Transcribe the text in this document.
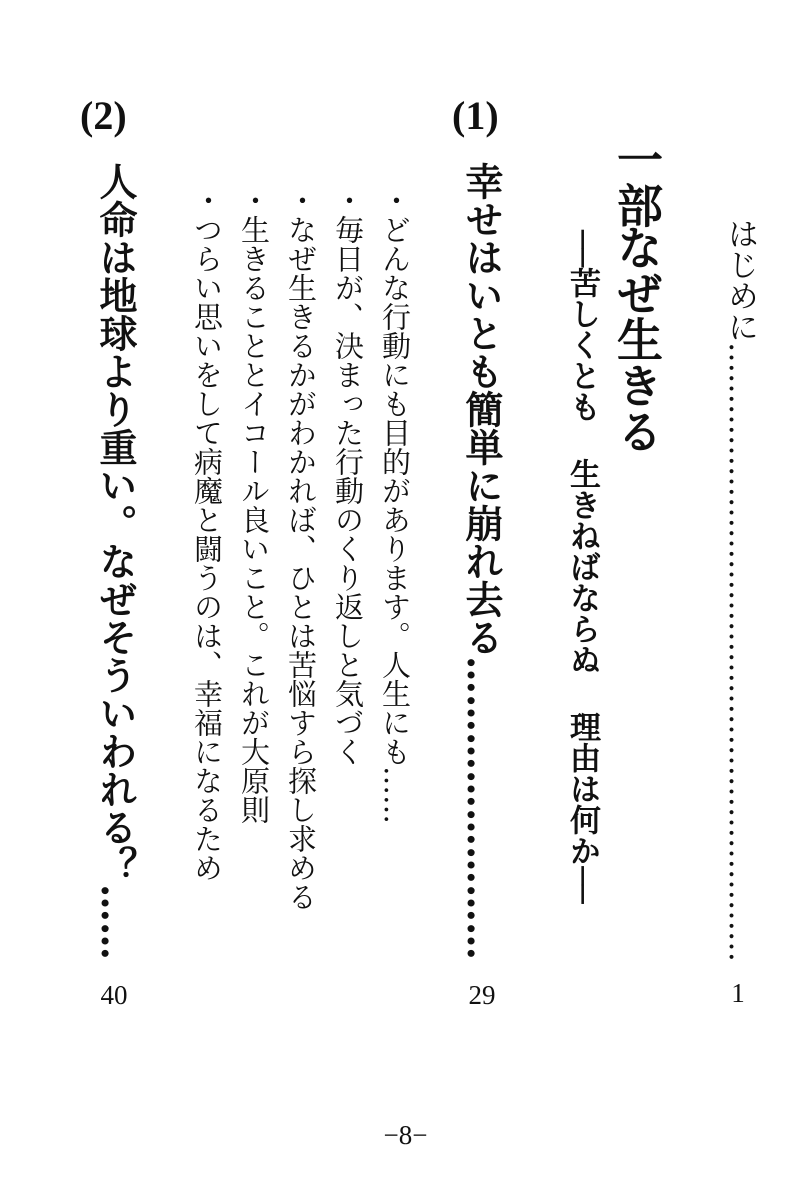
はじめに……………………………………………………
1
一部
なぜ生きる
──苦しくとも生きねばならぬ理由は何か──
(1)
幸せはいとも簡単に崩れ去る……………………
29
・どんな行動にも目的があります。人生にも……
・毎日が、決まった行動のくり返しと気づく
・なぜ生きるかがわかれば、ひとは苦悩すら探し求める
・生きることとイコール良いこと。これが大原則
・つらい思いをして病魔と闘うのは、幸福になるため
(2)
人命は地球より重い。なぜそういわれる？……
40
−8−
